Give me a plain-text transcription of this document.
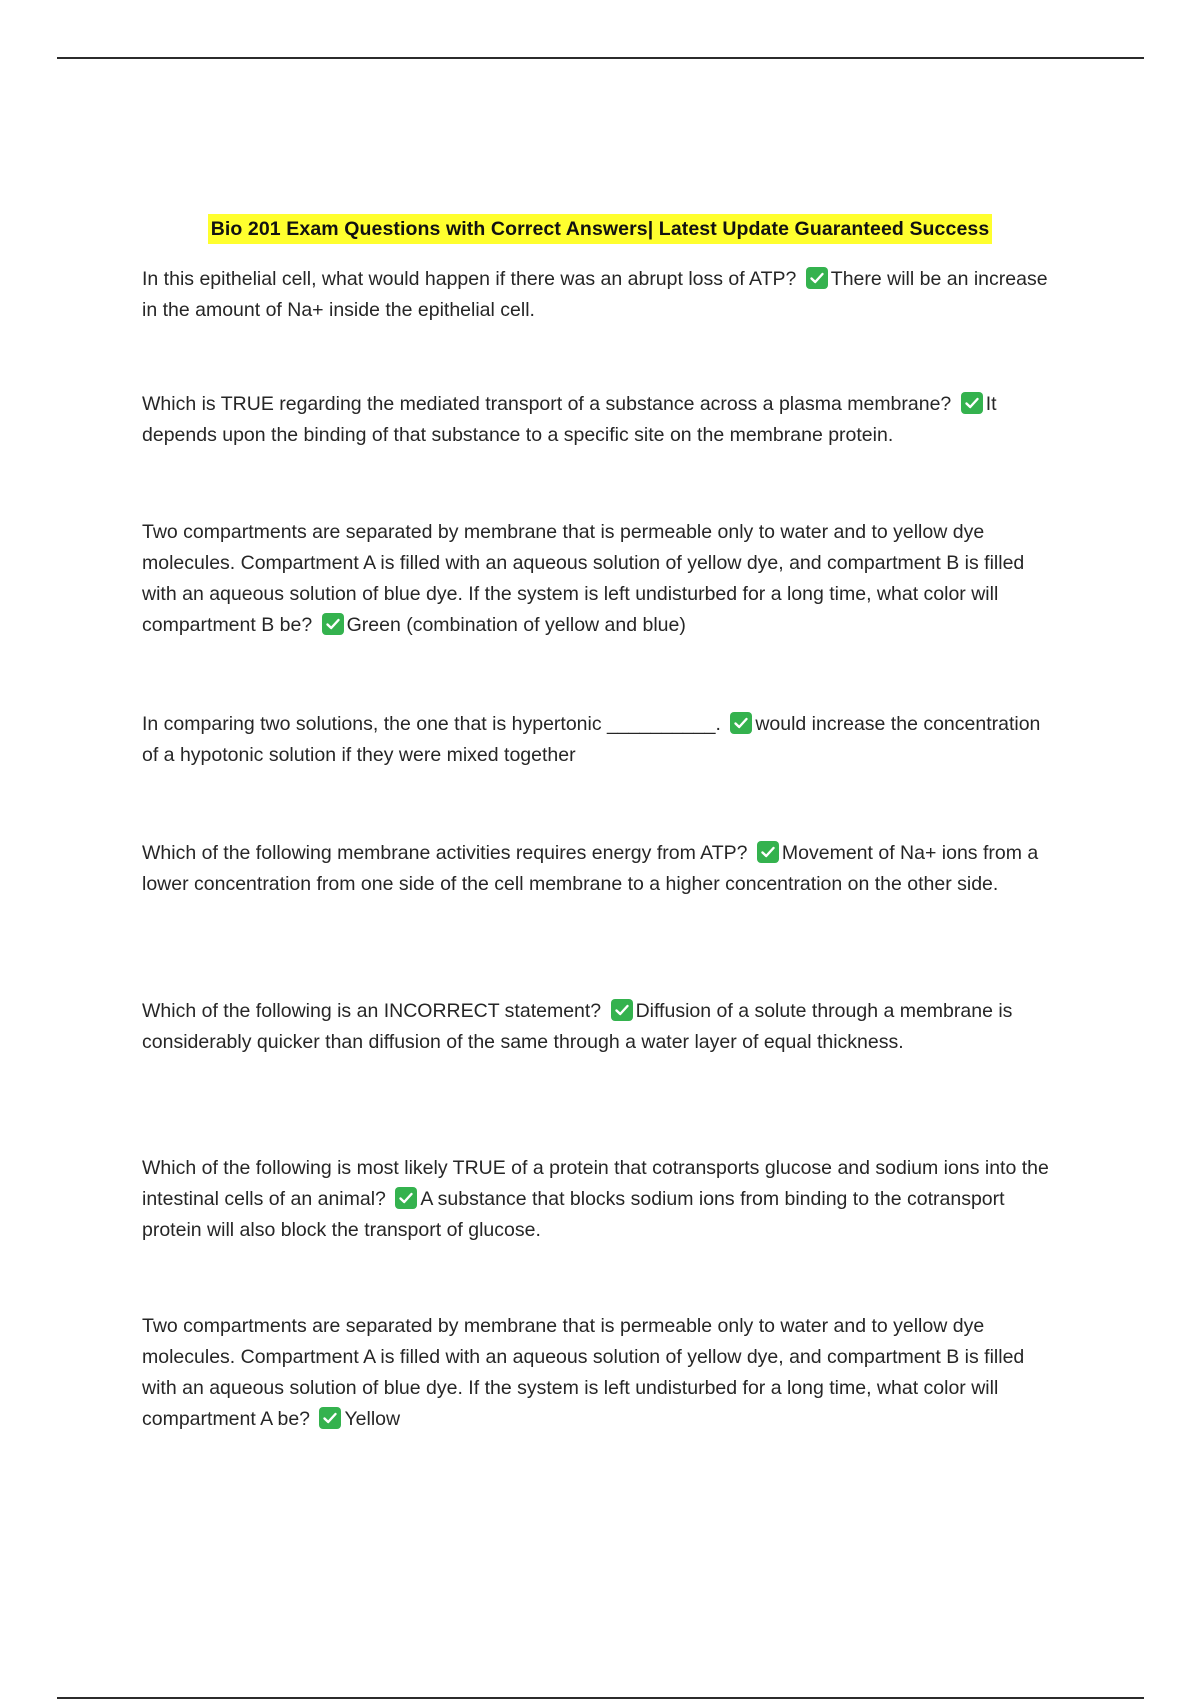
Bio 201 Exam Questions with Correct Answers| Latest Update Guaranteed Success

In this epithelial cell, what would happen if there was an abrupt loss of ATP? There will be an increase in the amount of Na+ inside the epithelial cell.

Which is TRUE regarding the mediated transport of a substance across a plasma membrane? It depends upon the binding of that substance to a specific site on the membrane protein.

Two compartments are separated by membrane that is permeable only to water and to yellow dye molecules. Compartment A is filled with an aqueous solution of yellow dye, and compartment B is filled with an aqueous solution of blue dye. If the system is left undisturbed for a long time, what color will compartment B be? Green (combination of yellow and blue)

In comparing two solutions, the one that is hypertonic __________. would increase the concentration of a hypotonic solution if they were mixed together

Which of the following membrane activities requires energy from ATP? Movement of Na+ ions from a lower concentration from one side of the cell membrane to a higher concentration on the other side.

Which of the following is an INCORRECT statement? Diffusion of a solute through a membrane is considerably quicker than diffusion of the same through a water layer of equal thickness.

Which of the following is most likely TRUE of a protein that cotransports glucose and sodium ions into the intestinal cells of an animal? A substance that blocks sodium ions from binding to the cotransport protein will also block the transport of glucose.

Two compartments are separated by membrane that is permeable only to water and to yellow dye molecules. Compartment A is filled with an aqueous solution of yellow dye, and compartment B is filled with an aqueous solution of blue dye. If the system is left undisturbed for a long time, what color will compartment A be? Yellow
